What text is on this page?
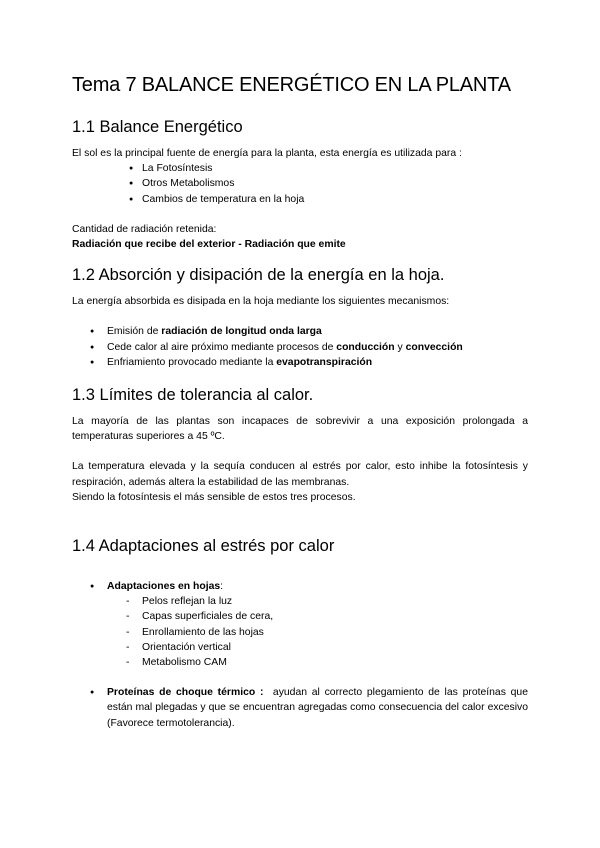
Tema 7 BALANCE ENERGÉTICO EN LA PLANTA
1.1 Balance Energético

El sol es la principal fuente de energía para la planta, esta energía es utilizada para :

● La Fotosíntesis
● Otros Metabolismos
● Cambios de temperatura en la hoja

Cantidad de radiación retenida:

Radiación que recibe del exterior - Radiación que emite

1.2 Absorción y disipación de la energía en la hoja.

La energía absorbida es disipada en la hoja mediante los siguientes mecanismos:

● Emisión de radiación de longitud onda larga
● Cede calor al aire próximo mediante procesos de conducción y convección
● Enfriamiento provocado mediante la evapotranspiración
1.3 Límites de tolerancia al calor.

La mayoría de las plantas son incapaces de sobrevivir a una exposición prolongada a temperaturas superiores a 45 ºC.

La temperatura elevada y la sequía conducen al estrés por calor, esto inhibe la fotosíntesis y respiración, además altera la estabilidad de las membranas.

Siendo la fotosíntesis el más sensible de estos tres procesos.

1.4 Adaptaciones al estrés por calor
● Adaptaciones en hojas:
- Pelos reflejan la luz
- Capas superficiales de cera,
- Enrollamiento de las hojas
- Orientación vertical
- Metabolismo CAM
● Proteínas de choque térmico :  ayudan al correcto plegamiento de las proteínas que están mal plegadas y que se encuentran agregadas como consecuencia del calor excesivo (Favorece termotolerancia).
